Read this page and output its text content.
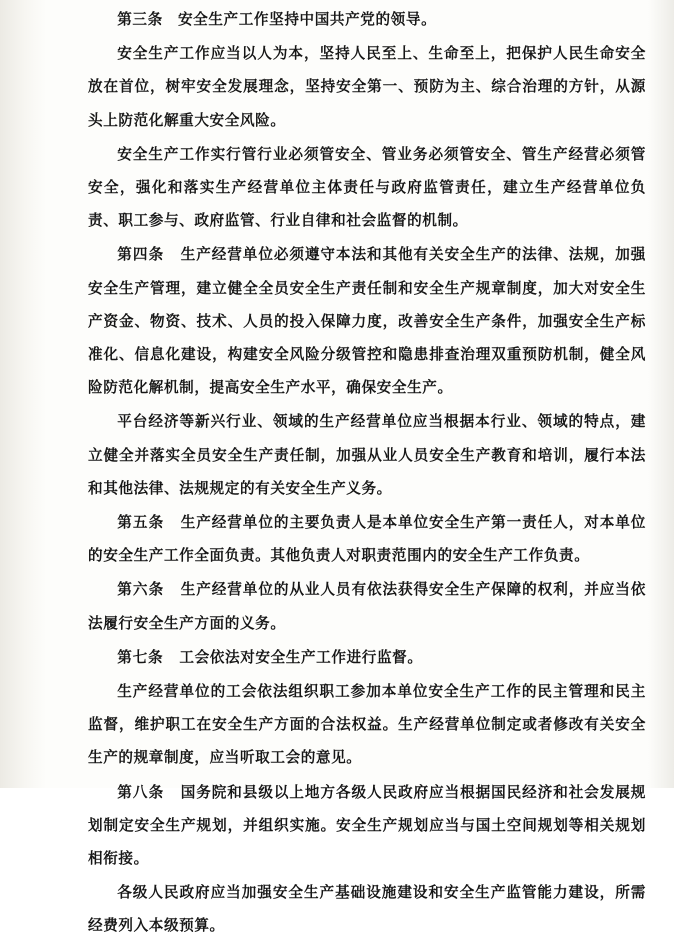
第三条　安全生产工作坚持中国共产党的领导。

安全生产工作应当以人为本，坚持人民至上、生命至上，把保护人民生命安全放在首位，树牢安全发展理念，坚持安全第一、预防为主、综合治理的方针，从源头上防范化解重大安全风险。

安全生产工作实行管行业必须管安全、管业务必须管安全、管生产经营必须管安全，强化和落实生产经营单位主体责任与政府监管责任，建立生产经营单位负责、职工参与、政府监管、行业自律和社会监督的机制。

第四条 生产经营单位必须遵守本法和其他有关安全生产的法律、法规，加强安全生产管理，建立健全全员安全生产责任制和安全生产规章制度，加大对安全生产资金、物资、技术、人员的投入保障力度，改善安全生产条件，加强安全生产标准化、信息化建设，构建安全风险分级管控和隐患排查治理双重预防机制，健全风险防范化解机制，提高安全生产水平，确保安全生产。

平台经济等新兴行业、领域的生产经营单位应当根据本行业、领域的特点，建立健全并落实全员安全生产责任制，加强从业人员安全生产教育和培训，履行本法和其他法律、法规规定的有关安全生产义务。

第五条 生产经营单位的主要负责人是本单位安全生产第一责任人，对本单位的安全生产工作全面负责。其他负责人对职责范围内的安全生产工作负责。

第六条 生产经营单位的从业人员有依法获得安全生产保障的权利，并应当依法履行安全生产方面的义务。

第七条 工会依法对安全生产工作进行监督。

生产经营单位的工会依法组织职工参加本单位安全生产工作的民主管理和民主监督，维护职工在安全生产方面的合法权益。生产经营单位制定或者修改有关安全生产的规章制度，应当听取工会的意见。

第八条 国务院和县级以上地方各级人民政府应当根据国民经济和社会发展规划制定安全生产规划，并组织实施。安全生产规划应当与国土空间规划等相关规划相衔接。

各级人民政府应当加强安全生产基础设施建设和安全生产监管能力建设，所需经费列入本级预算。
